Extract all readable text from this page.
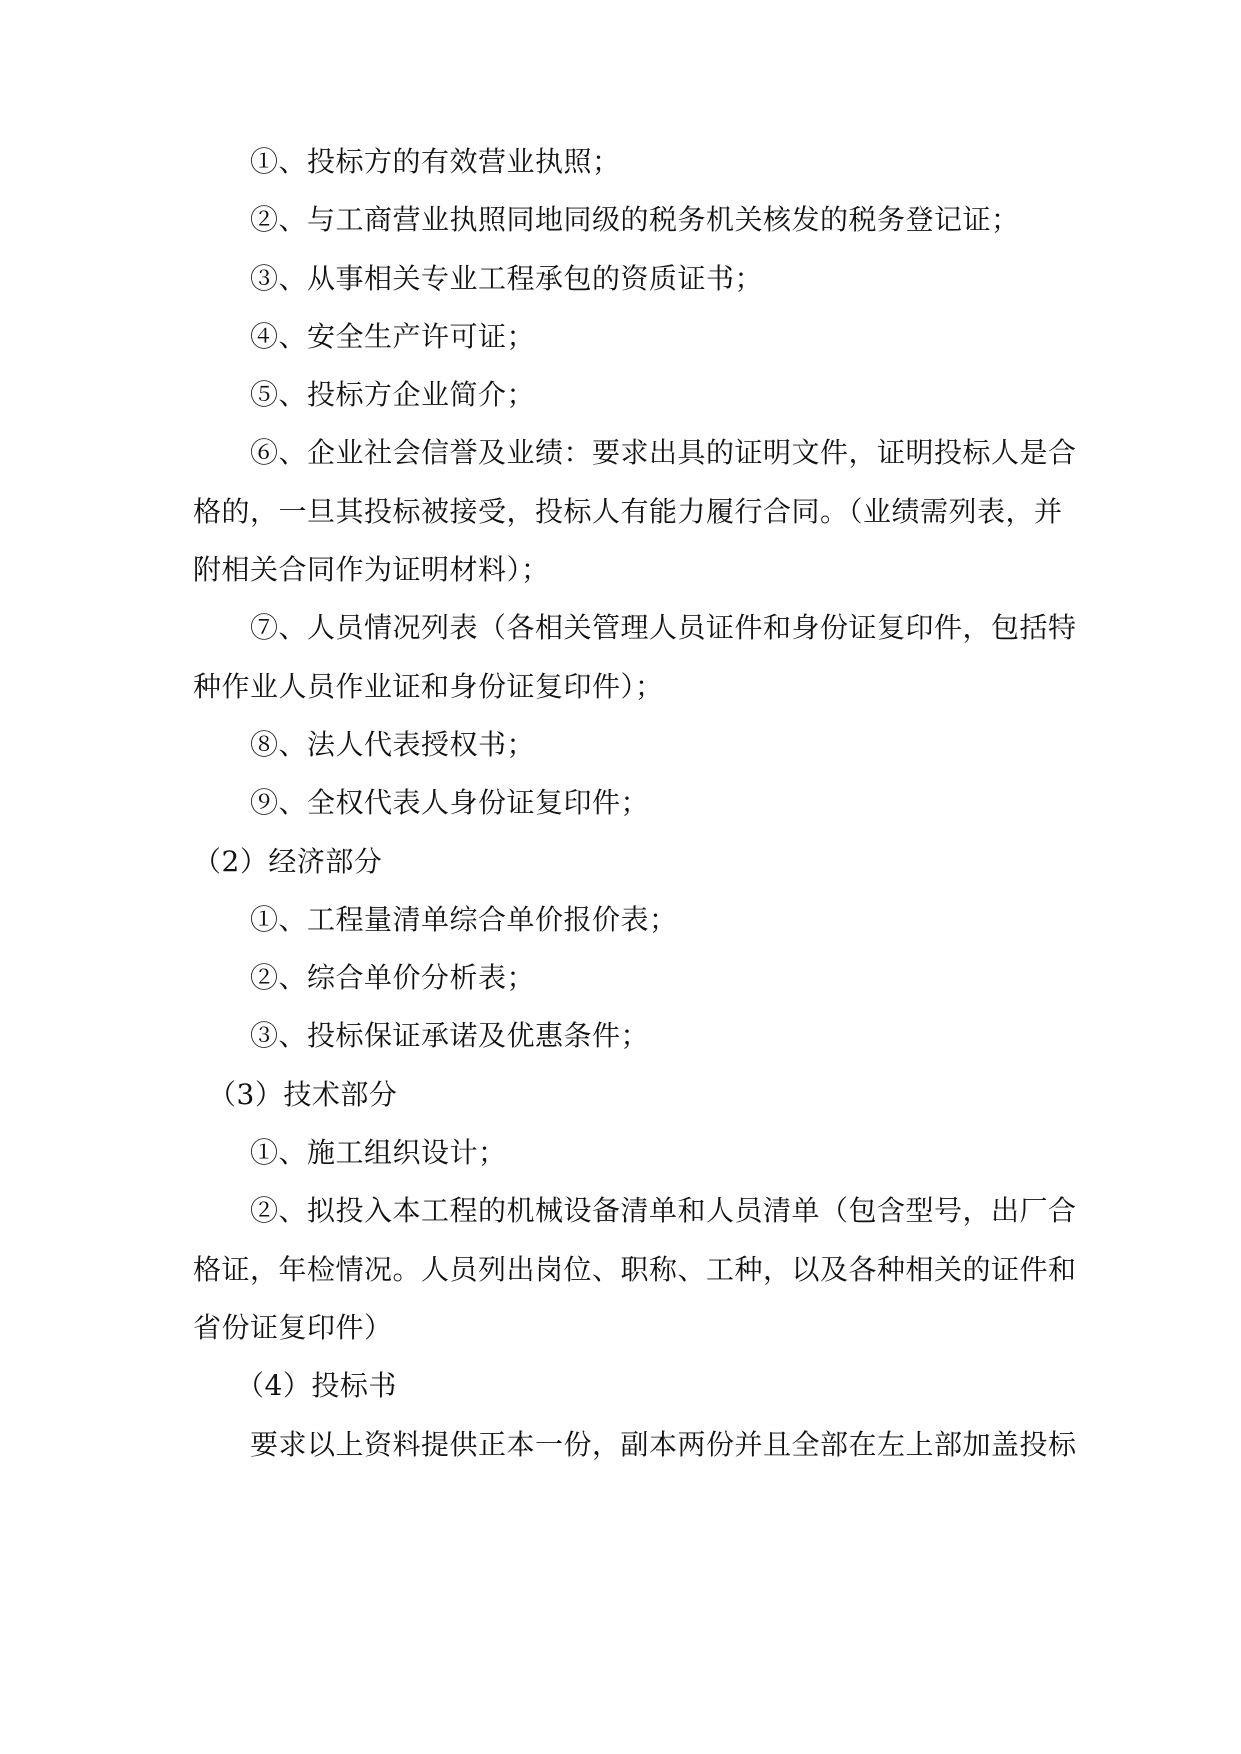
①、投标方的有效营业执照；
②、与工商营业执照同地同级的税务机关核发的税务登记证；
③、从事相关专业工程承包的资质证书；
④、安全生产许可证；
⑤、投标方企业简介；
⑥、企业社会信誉及业绩：要求出具的证明文件，证明投标人是合
格的，一旦其投标被接受，投标人有能力履行合同。（业绩需列表，并
附相关合同作为证明材料）；
⑦、人员情况列表（各相关管理人员证件和身份证复印件，包括特
种作业人员作业证和身份证复印件）；
⑧、法人代表授权书；
⑨、全权代表人身份证复印件；
（2）经济部分
①、工程量清单综合单价报价表；
②、综合单价分析表；
③、投标保证承诺及优惠条件；
（3）技术部分
①、施工组织设计；
②、拟投入本工程的机械设备清单和人员清单（包含型号，出厂合
格证，年检情况。人员列出岗位、职称、工种，以及各种相关的证件和
省份证复印件）
（4）投标书
要求以上资料提供正本一份，副本两份并且全部在左上部加盖投标
